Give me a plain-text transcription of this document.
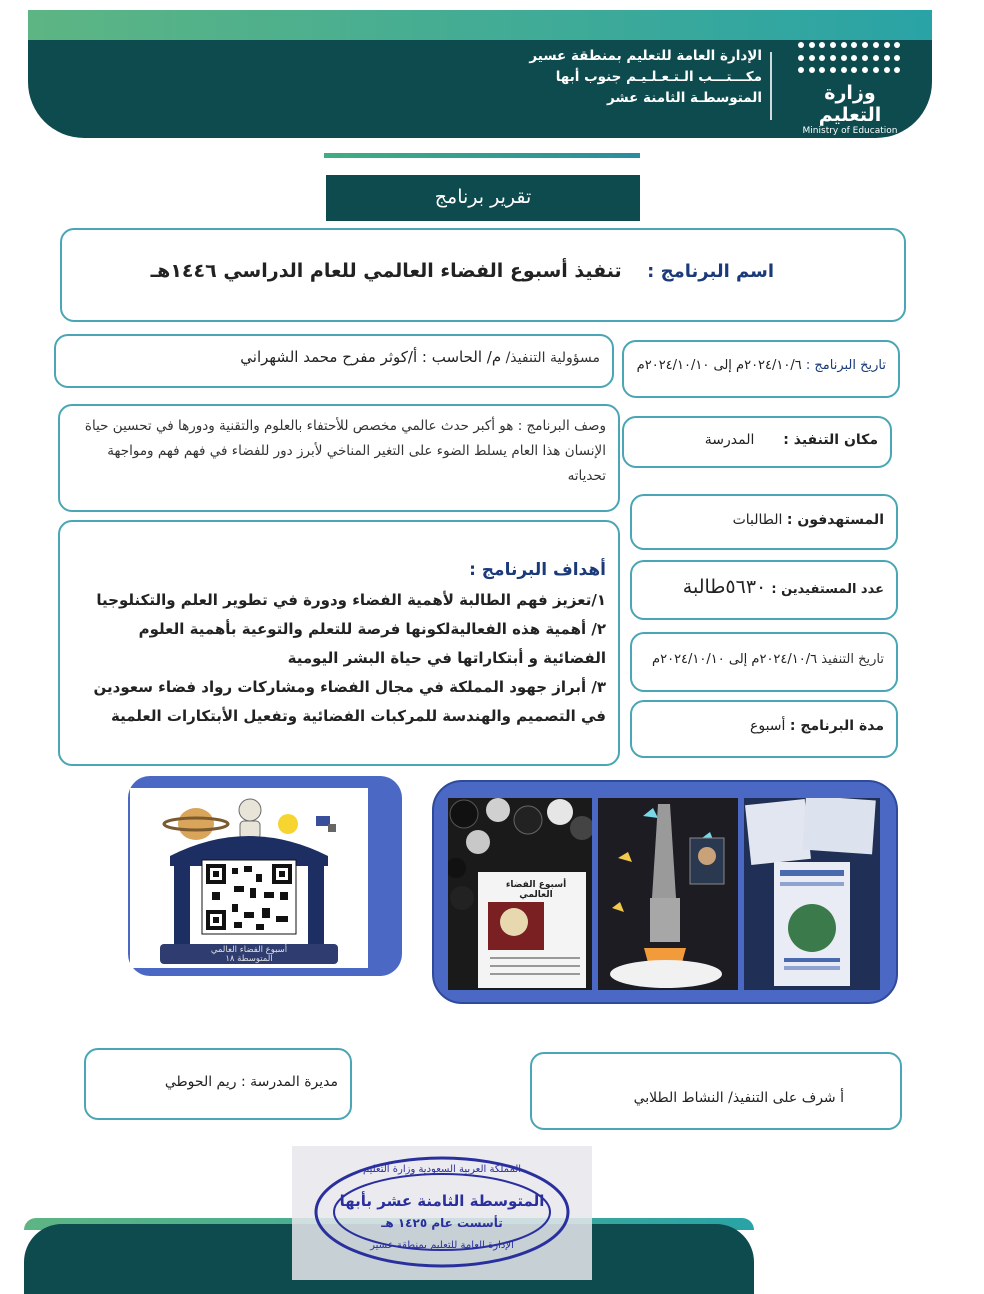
وزارة التعليم
Ministry of Education
الإدارة العامة للتعليم بمنطقة عسير
مكـــتـــب الـتـعـلـيـم جنوب أبها
المتوسطـة الثامنة عشر
تقرير برنامج
اسم البرنامج :  تنفيذ أسبوع الفضاء العالمي للعام الدراسي ١٤٤٦هـ
مسؤولية التنفيذ/ م/ الحاسب : أ/كوثر مفرح محمد الشهراني	تاريخ البرنامج : ٢٠٢٤/١٠/٦م إلى ٢٠٢٤/١٠/١٠م
وصف البرنامج : هو أكبر حدث عالمي مخصص للأحتفاء بالعلوم والتقنية ودورها في تحسين حياة الإنسان هذا العام يسلط الضوء على التغير المناخي لأبرز دور للفضاء في فهم فهم ومواجهة تحدياته
مكان التنفيذ :  المدرسة
المستهدفون : الطالبات
أهداف البرنامج :
١/تعزيز فهم الطالبة لأهمية الفضاء ودورة في تطوير العلم والتكنلوجيا
٢/ أهمية هذه الفعاليةلكونها فرصة للتعلم والتوعية بأهمية العلوم الفضائية و أبتكاراتها في حياة البشر اليومية
٣/ أبراز جهود المملكة في مجال الفضاء ومشاركات رواد فضاء سعودين في التصميم والهندسة للمركبات الفضائية وتفعيل الأبتكارات العلمية
عدد المستفيدين : ٥٦٣٠طالبة
تاريخ التنفيذ ٢٠٢٤/١٠/٦م إلى ٢٠٢٤/١٠/١٠م
مدة البرنامج : أسبوع
أسبوع الفضاء العالمي
المتوسطة ١٨
أسبوع الفضاء العالمي
مديرة المدرسة : ريم الحوطي
أ شرف على التنفيذ/ النشاط الطلابي
المملكة العربية السعودية وزارة التعليم
المتوسطة الثامنة عشر بأبها
تأسست عام ١٤٢٥ هـ
الإدارة العامة للتعليم بمنطقة عسير
